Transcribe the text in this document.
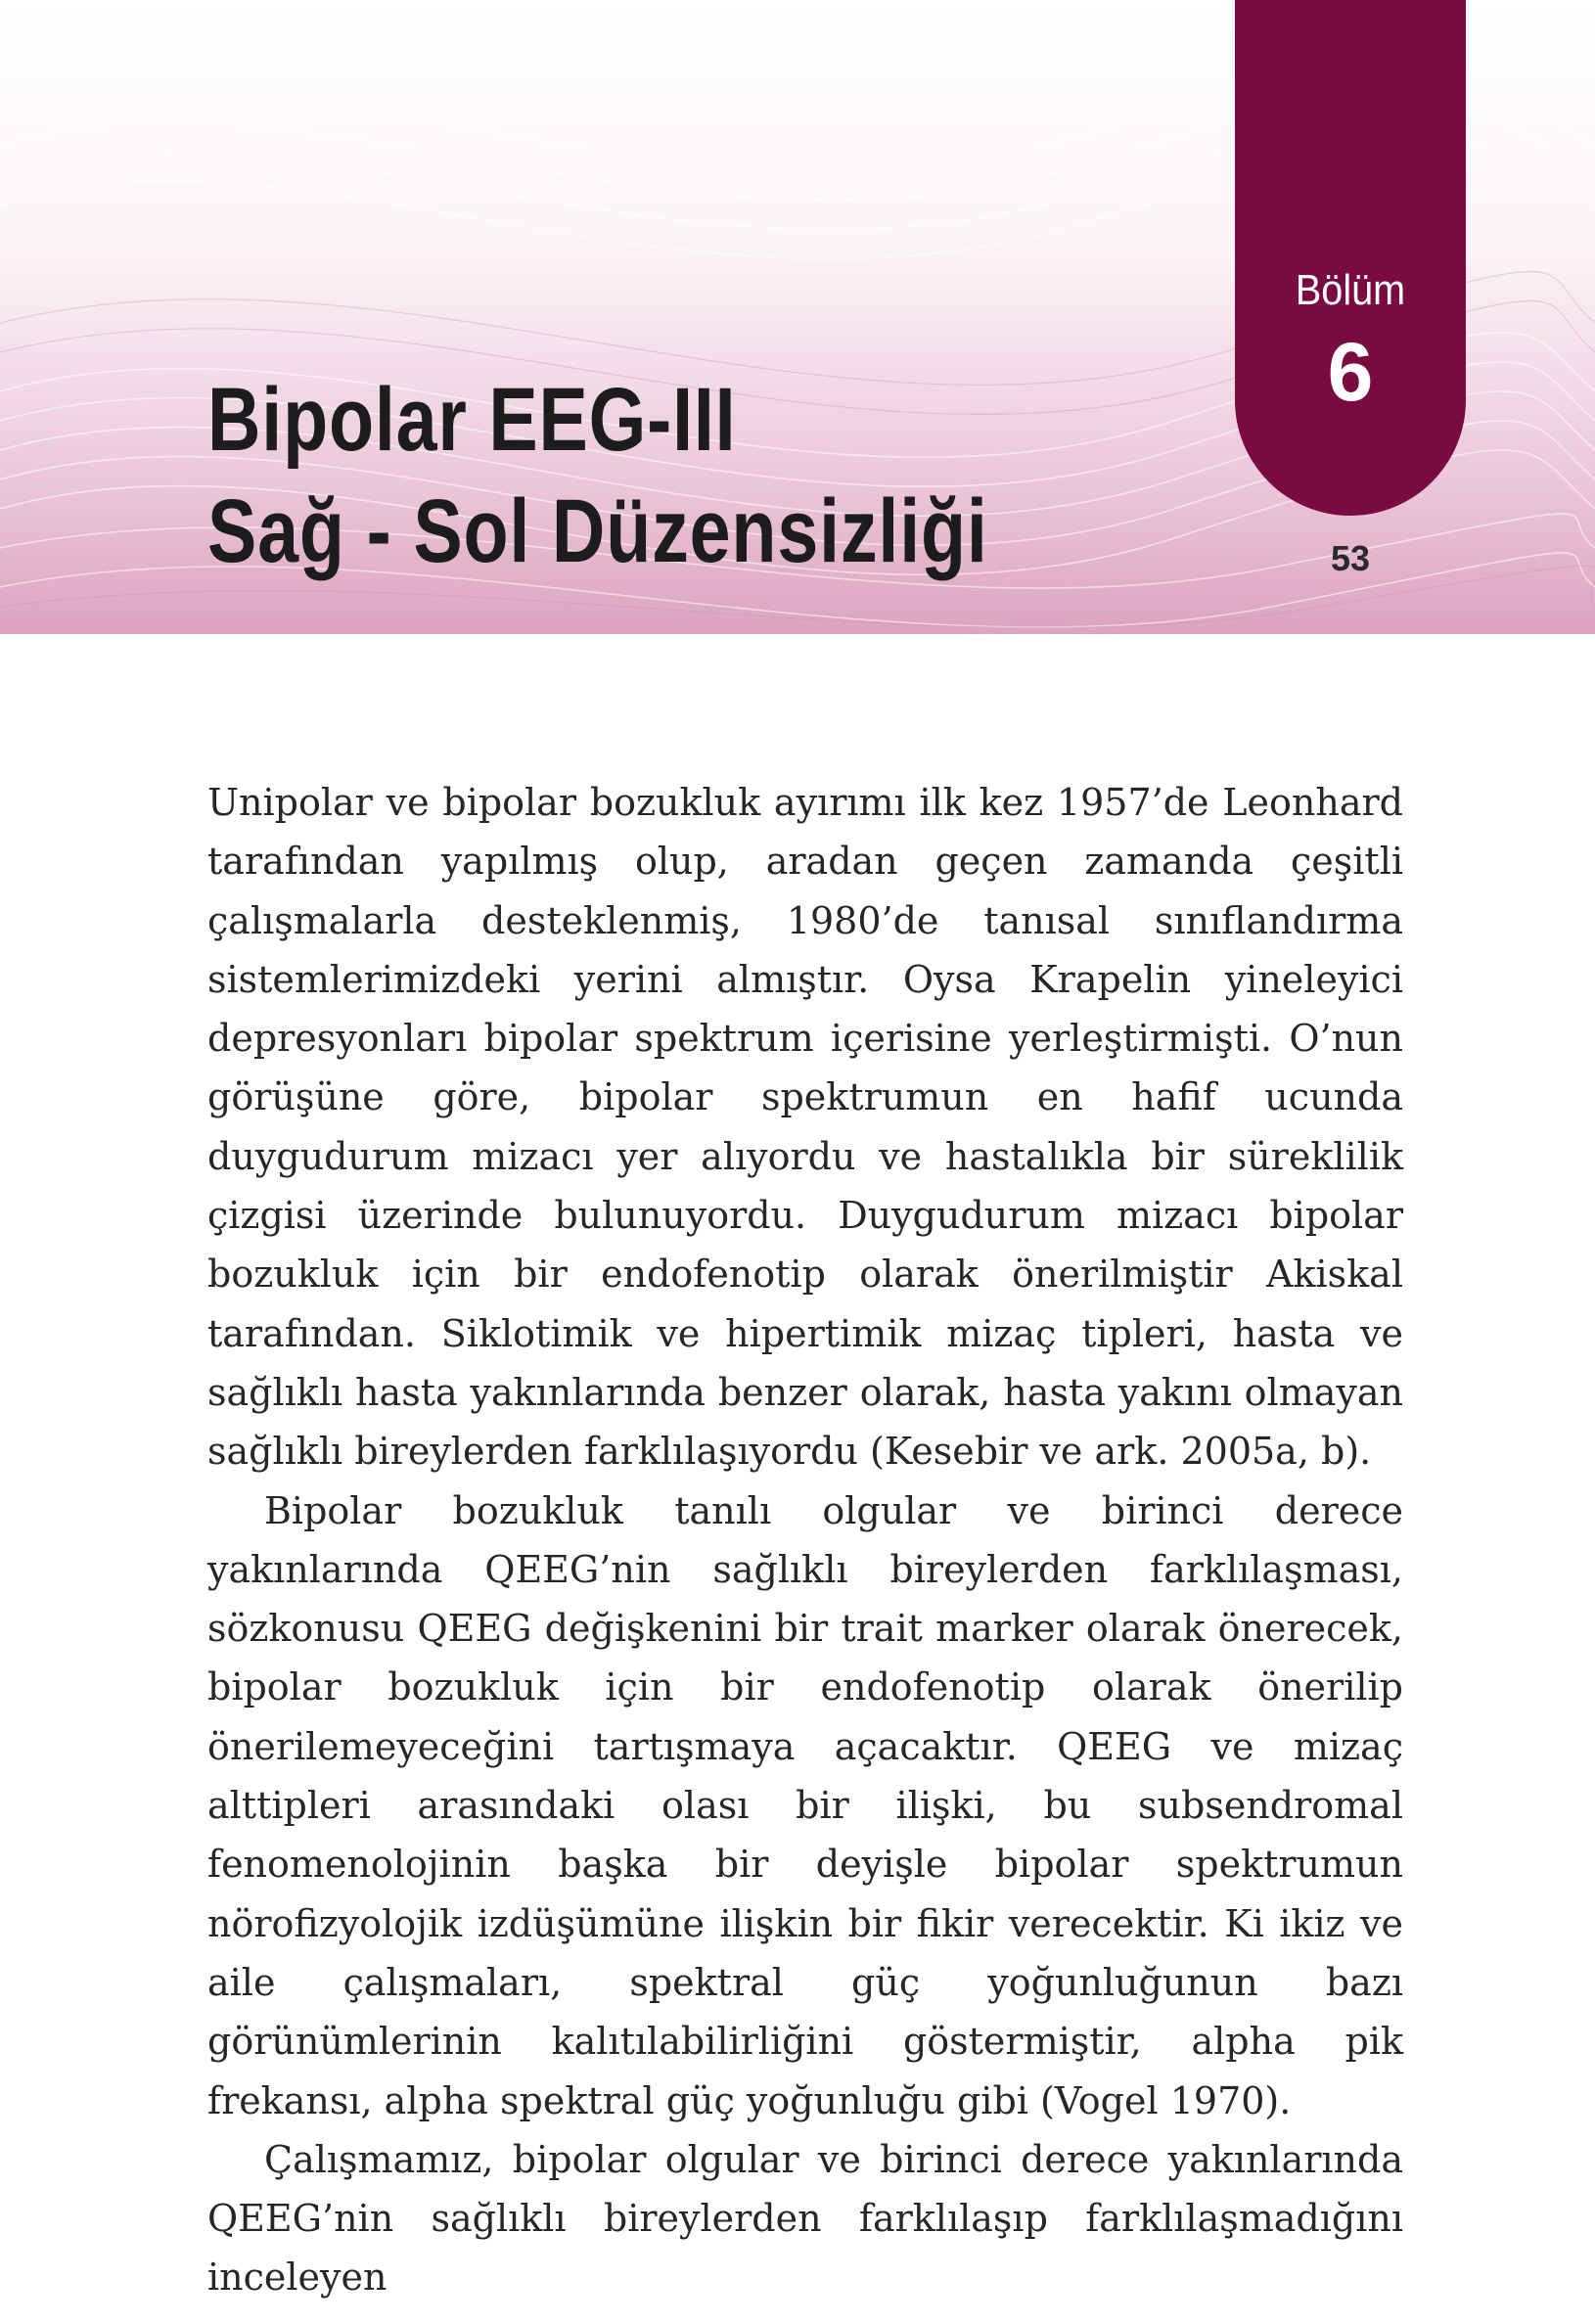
Bipolar EEG-III
Sağ - Sol Düzensizliği
Bölüm
6
53

Unipolar ve bipolar bozukluk ayırımı ilk kez 1957’de Leonhard tarafından yapılmış olup, aradan geçen zamanda çeşitli çalışmalarla desteklenmiş, 1980’de tanısal sınıflandırma sistemlerimizdeki yerini almıştır. Oysa Krapelin yineleyici depresyonları bipolar spektrum içerisine yerleştirmişti. O’nun görüşüne göre, bipolar spektrumun en hafif ucunda duygudurum mizacı yer alıyordu ve hastalıkla bir süreklilik çizgisi üzerinde bulunuyordu. Duygudurum mizacı bipolar bozukluk için bir endofenotip olarak önerilmiştir Akiskal tarafından. Siklotimik ve hipertimik mizaç tipleri, hasta ve sağlıklı hasta yakınlarında benzer olarak, hasta yakını olmayan sağlıklı bireylerden farklılaşıyordu (Kesebir ve ark. 2005a, b).

Bipolar bozukluk tanılı olgular ve birinci derece yakınlarında QEEG’nin sağlıklı bireylerden farklılaşması, sözkonusu QEEG değişkenini bir trait marker olarak önerecek, bipolar bozukluk için bir endofenotip olarak önerilip önerilemeyeceğini tartışmaya açacaktır. QEEG ve mizaç alttipleri arasındaki olası bir ilişki, bu subsendromal fenomenolojinin başka bir deyişle bipolar spektrumun nörofizyolojik izdüşümüne ilişkin bir fikir verecektir. Ki ikiz ve aile çalışmaları, spektral güç yoğunluğunun bazı görünümlerinin kalıtılabilirliğini göstermiştir, alpha pik frekansı, alpha spektral güç yoğunluğu gibi (Vogel 1970).

Çalışmamız, bipolar olgular ve birinci derece yakınlarında QEEG’nin sağlıklı bireylerden farklılaşıp farklılaşmadığını inceleyen
